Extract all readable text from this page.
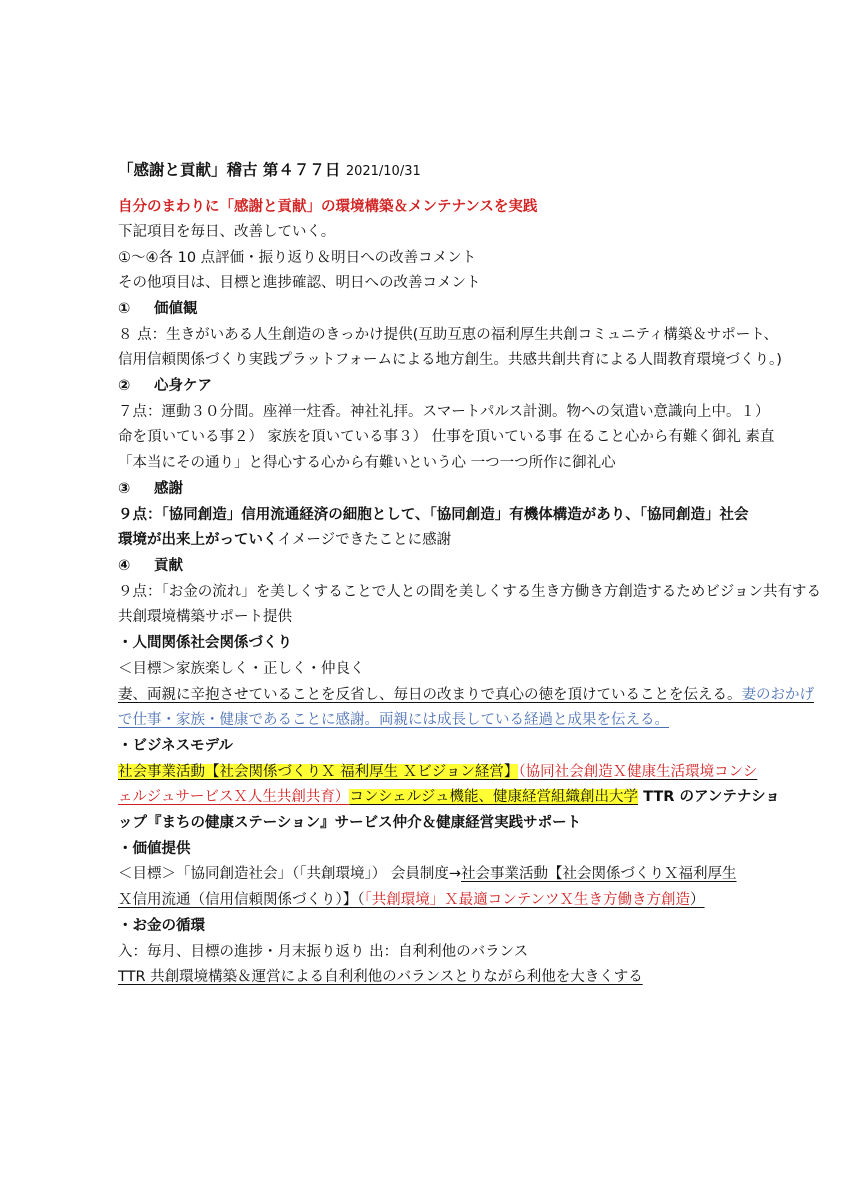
「感謝と貢献」稽古 第４７７日 2021/10/31
自分のまわりに「感謝と貢献」の環境構築＆メンテナンスを実践
下記項目を毎日、改善していく。
①～④各 10 点評価・振り返り＆明日への改善コメント
その他項目は、目標と進捗確認、明日への改善コメント
① 価値観
８ 点：生きがいある人生創造のきっかけ提供(互助互恵の福利厚生共創コミュニティ構築＆サポート、
信用信頼関係づくり実践プラットフォームによる地方創生。共感共創共育による人間教育環境づくり。)
② 心身ケア
７点：運動３０分間。座禅一炷香。神社礼拝。スマートパルス計測。物への気遣い意識向上中。１）
命を頂いている事２） 家族を頂いている事３） 仕事を頂いている事 在ること心から有難く御礼 素直
「本当にその通り」と得心する心から有難いという心 一つ一つ所作に御礼心
③ 感謝
９点：「協同創造」信用流通経済の細胞として、「協同創造」有機体構造があり、「協同創造」社会
環境が出来上がっていくイメージできたことに感謝
④ 貢献
９点：「お金の流れ」を美しくすることで人との間を美しくする生き方働き方創造するためビジョン共有する
共創環境構築サポート提供
・人間関係社会関係づくり
＜目標＞家族楽しく・正しく・仲良く
妻、両親に辛抱させていることを反省し、毎日の改まりで真心の徳を頂けていることを伝える。妻のおかげ
で仕事・家族・健康であることに感謝。両親には成長している経過と成果を伝える。
・ビジネスモデル
社会事業活動【社会関係づくりＸ 福利厚生 Ｘビジョン経営】（協同社会創造Ｘ健康生活環境コンシ
ェルジュサービスＸ人生共創共育）コンシェルジュ機能、健康経営組織創出大学 TTR のアンテナショ
ップ『まちの健康ステーション』サービス仲介＆健康経営実践サポート
・価値提供
＜目標＞「協同創造社会」（「共創環境」） 会員制度→社会事業活動【社会関係づくりＸ福利厚生
Ｘ信用流通（信用信頼関係づくり）】（「共創環境」Ｘ最適コンテンツＸ生き方働き方創造）
・お金の循環
入：毎月、目標の進捗・月末振り返り 出：自利利他のバランス
TTR 共創環境構築＆運営による自利利他のバランスとりながら利他を大きくする
